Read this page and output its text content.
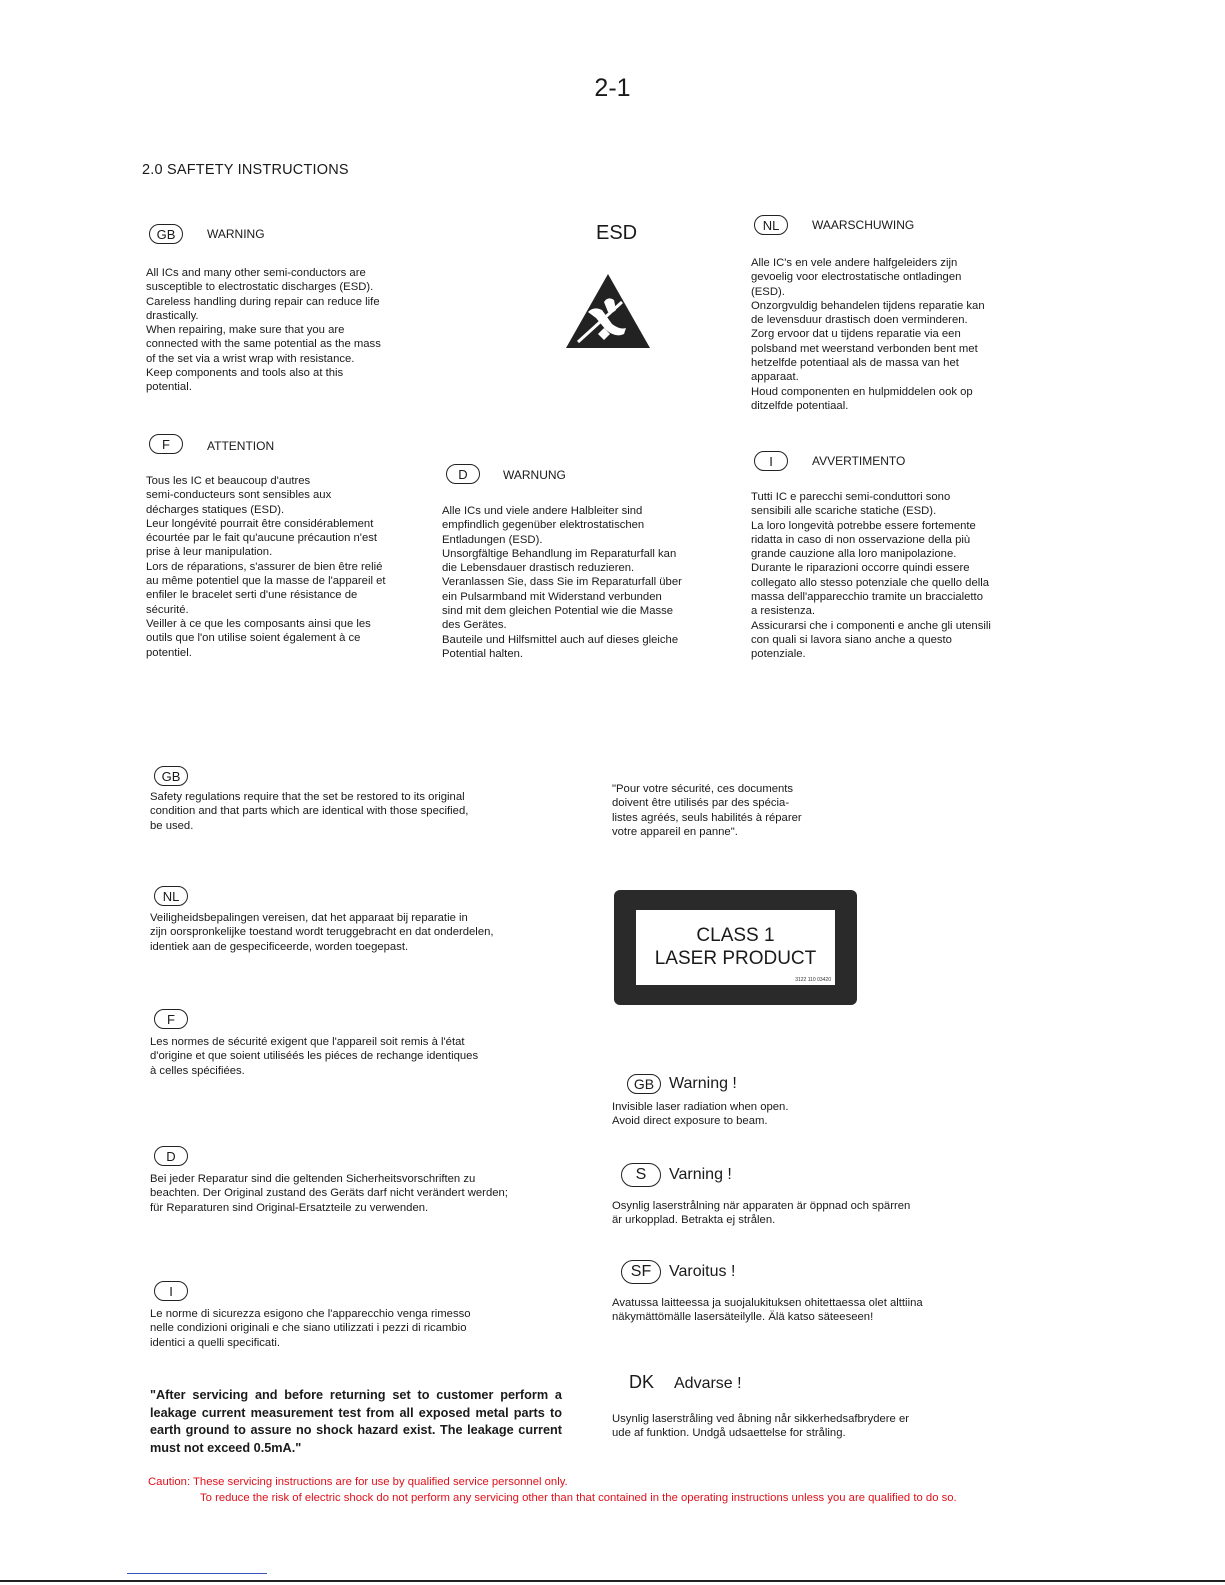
2-1
2.0 SAFTETY INSTRUCTIONS
GB	WARNING
All ICs and many other semi-conductors are
susceptible to electrostatic discharges (ESD).
Careless handling during repair can reduce life
drastically.
When repairing, make sure that you are
connected with the same potential as the mass
of the set via a wrist wrap with resistance.
Keep components and tools also at this
potential.
ESD	NL	WAARSCHUWING
Alle IC's en vele andere halfgeleiders zijn
gevoelig voor electrostatische ontladingen
(ESD).
Onzorgvuldig behandelen tijdens reparatie kan
de levensduur drastisch doen verminderen.
Zorg ervoor dat u tijdens reparatie via een
polsband met weerstand verbonden bent met
hetzelfde potentiaal als de massa van het
apparaat.
Houd componenten en hulpmiddelen ook op
ditzelfde potentiaal.
F	ATTENTION
Tous les IC et beaucoup d'autres
semi-conducteurs sont sensibles aux
décharges statiques (ESD).
Leur longévité pourrait être considérablement
écourtée par le fait qu'aucune précaution n'est
prise à leur manipulation.
Lors de réparations, s'assurer de bien être relié
au même potentiel que la masse de l'appareil et
enfiler le bracelet serti d'une résistance de
sécurité.
Veiller à ce que les composants ainsi que les
outils que l'on utilise soient également à ce
potentiel.
D	WARNUNG
Alle ICs und viele andere Halbleiter sind
empfindlich gegenüber elektrostatischen
Entladungen (ESD).
Unsorgfältige Behandlung im Reparaturfall kan
die Lebensdauer drastisch reduzieren.
Veranlassen Sie, dass Sie im Reparaturfall über
ein Pulsarmband mit Widerstand verbunden
sind mit dem gleichen Potential wie die Masse
des Gerätes.
Bauteile und Hilfsmittel auch auf dieses gleiche
Potential halten.
I	AVVERTIMENTO
Tutti IC e parecchi semi-conduttori sono
sensibili alle scariche statiche (ESD).
La loro longevità potrebbe essere fortemente
ridatta in caso di non osservazione della più
grande cauzione alla loro manipolazione.
Durante le riparazioni occorre quindi essere
collegato allo stesso potenziale che quello della
massa dell'apparecchio tramite un braccialetto
a resistenza.
Assicurarsi che i componenti e anche gli utensili
con quali si lavora siano anche a questo
potenziale.
GB
Safety regulations require that the set be restored to its original
condition and that parts which are identical with those specified,
be used.
"Pour votre sécurité, ces documents
doivent être utilisés par des spécia-
listes agréés, seuls habilités à réparer
votre appareil en panne".
NL
Veiligheidsbepalingen vereisen, dat het apparaat bij reparatie in
zijn oorspronkelijke toestand wordt teruggebracht en dat onderdelen,
identiek aan de gespecificeerde, worden toegepast.
CLASS 1
LASER PRODUCT
3122 110 03420
F
Les normes de sécurité exigent que l'appareil soit remis à l'état
d'origine et que soient utiliséés les piéces de rechange identiques
à celles spécifiées.
GB Warning !
Invisible laser radiation when open.
Avoid direct exposure to beam.
D
Bei jeder Reparatur sind die geltenden Sicherheitsvorschriften zu
beachten. Der Original zustand des Geräts darf nicht verändert werden;
für Reparaturen sind Original-Ersatzteile zu verwenden.
S	Varning !
Osynlig laserstrålning när apparaten är öppnad och spärren
är urkopplad. Betrakta ej strålen.
SF	Varoitus !
Avatussa laitteessa ja suojalukituksen ohitettaessa olet alttiina
näkymättömälle lasersäteilylle. Älä katso säteeseen!
I
Le norme di sicurezza esigono che l'apparecchio venga rimesso
nelle condizioni originali e che siano utilizzati i pezzi di ricambio
identici a quelli specificati.
DK Advarse !
Usynlig laserstråling ved åbning når sikkerhedsafbrydere er
ude af funktion. Undgå udsaettelse for stråling.
"After servicing and before returning set to customer perform a leakage current measurement test from all exposed metal parts to earth ground to assure no shock hazard exist. The leakage current must not exceed 0.5mA."
Caution: These servicing instructions are for use by qualified service personnel only.
To reduce the risk of electric shock do not perform any servicing other than that contained in the operating instructions unless you are qualified to do so.
